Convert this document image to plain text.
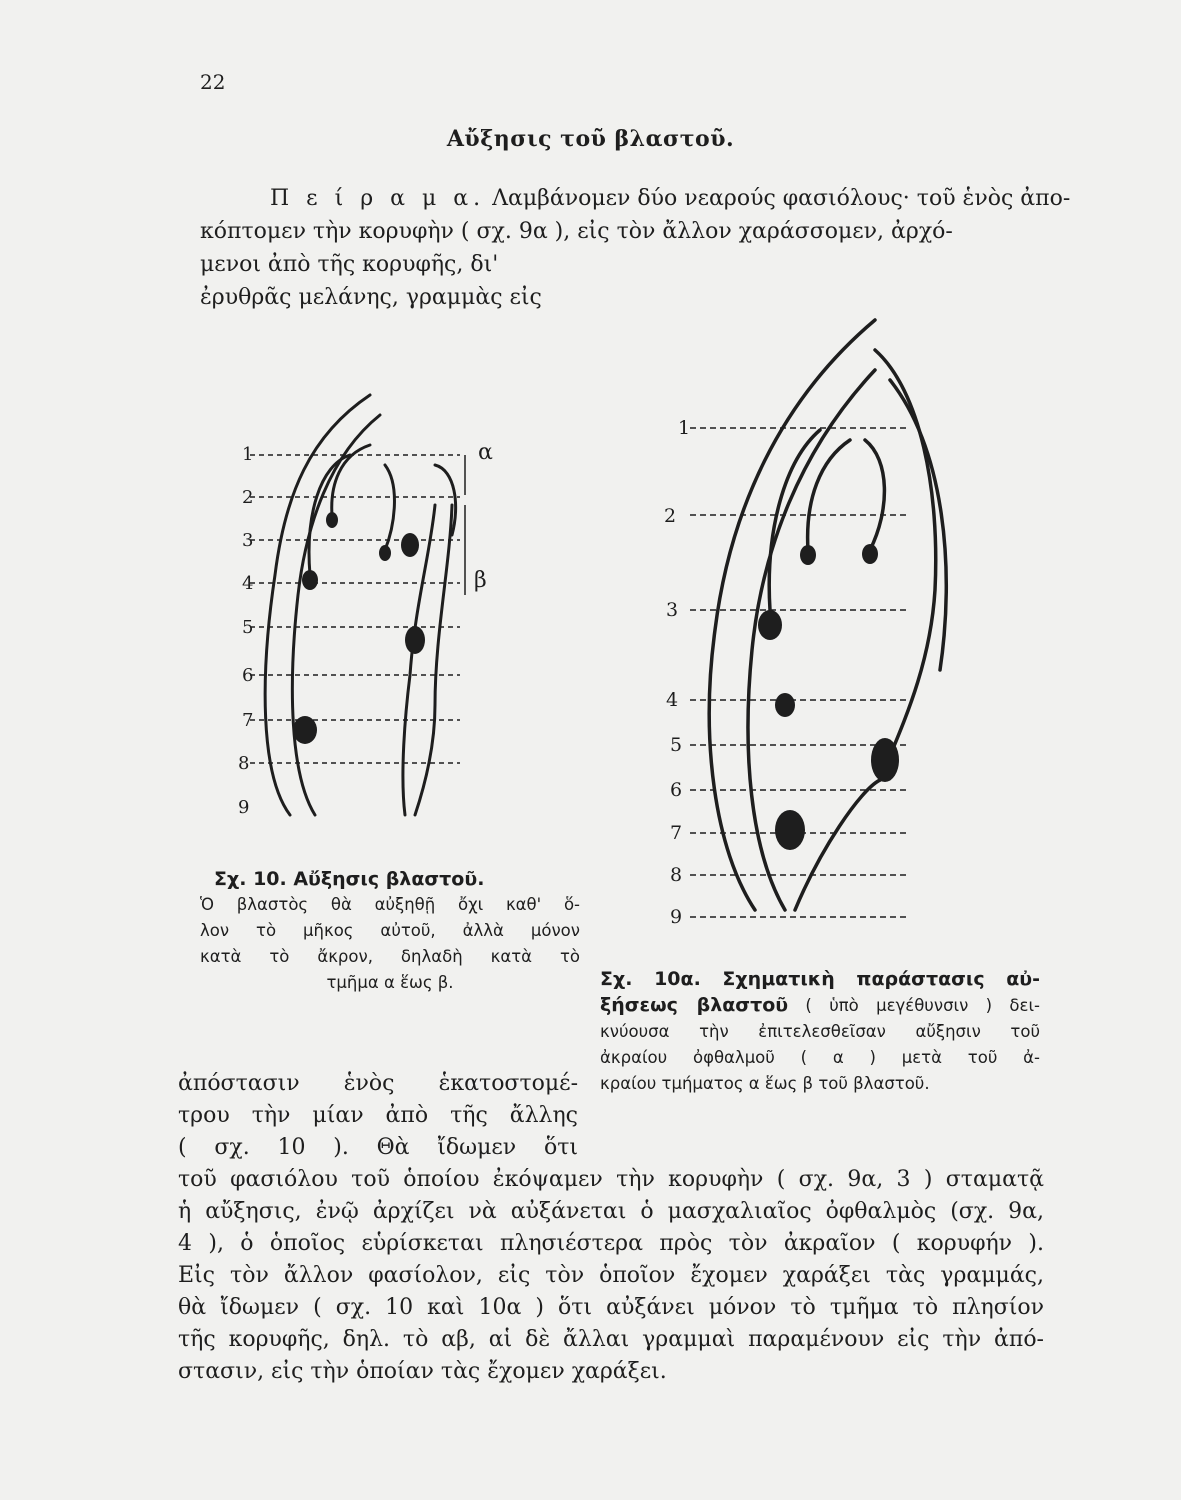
22
Αὔξησις τοῦ βλαστοῦ.
Π ε ί ρ α μ α. Λαμβάνομεν δύο νεαρούς φασιόλους· τοῦ ἑνὸς ἀπο-
κόπτομεν τὴν κορυφὴν ( σχ. 9α ), εἰς τὸν ἄλλον χαράσσομεν, ἀρχό-
μενοι ἀπὸ τῆς κορυφῆς, δι'
ἐρυθρᾶς μελάνης, γραμμὰς εἰς
1
2
3
4
5
6
7
8
9
α
β
1
2
3
4
5
6
7
8
9
Σχ. 10. Αὔξησις βλαστοῦ.
Ὁ βλαστὸς θὰ αὐξηθῇ ὄχι καθ' ὅ-
λον τὸ μῆκος αὐτοῦ, ἀλλὰ μόνον
κατὰ τὸ ἄκρον, δηλαδὴ κατὰ τὸ
τμῆμα α ἕως β.	Σχ. 10α. Σχηματικὴ παράστασις αὐ-
ξήσεως βλαστοῦ ( ὑπὸ μεγέθυνσιν ) δει-
κνύουσα τὴν ἐπιτελεσθεῖσαν αὔξησιν τοῦ
ἀκραίου ὀφθαλμοῦ ( α ) μετὰ τοῦ ἀ-
κραίου τμήματος α ἕως β τοῦ βλαστοῦ.
ἀπόστασιν ἑνὸς ἑκατοστομέ-
τρου τὴν μίαν ἀπὸ τῆς ἄλλης
( σχ. 10 ). Θὰ ἴδωμεν ὅτι
τοῦ φασιόλου τοῦ ὁποίου ἐκόψαμεν τὴν κορυφὴν ( σχ. 9α, 3 ) σταματᾷ
ἡ αὔξησις, ἐνῷ ἀρχίζει νὰ αὐξάνεται ὁ μασχαλιαῖος ὀφθαλμὸς (σχ. 9α,
4 ), ὁ ὁποῖος εὑρίσκεται πλησιέστερα πρὸς τὸν ἀκραῖον ( κορυφήν ).
Εἰς τὸν ἄλλον φασίολον, εἰς τὸν ὁποῖον ἔχομεν χαράξει τὰς γραμμάς,
θὰ ἴδωμεν ( σχ. 10 καὶ 10α ) ὅτι αὐξάνει μόνον τὸ τμῆμα τὸ πλησίον
τῆς κορυφῆς, δηλ. τὸ αβ, αἱ δὲ ἄλλαι γραμμαὶ παραμένουν εἰς τὴν ἀπό-
στασιν, εἰς τὴν ὁποίαν τὰς ἔχομεν χαράξει.
